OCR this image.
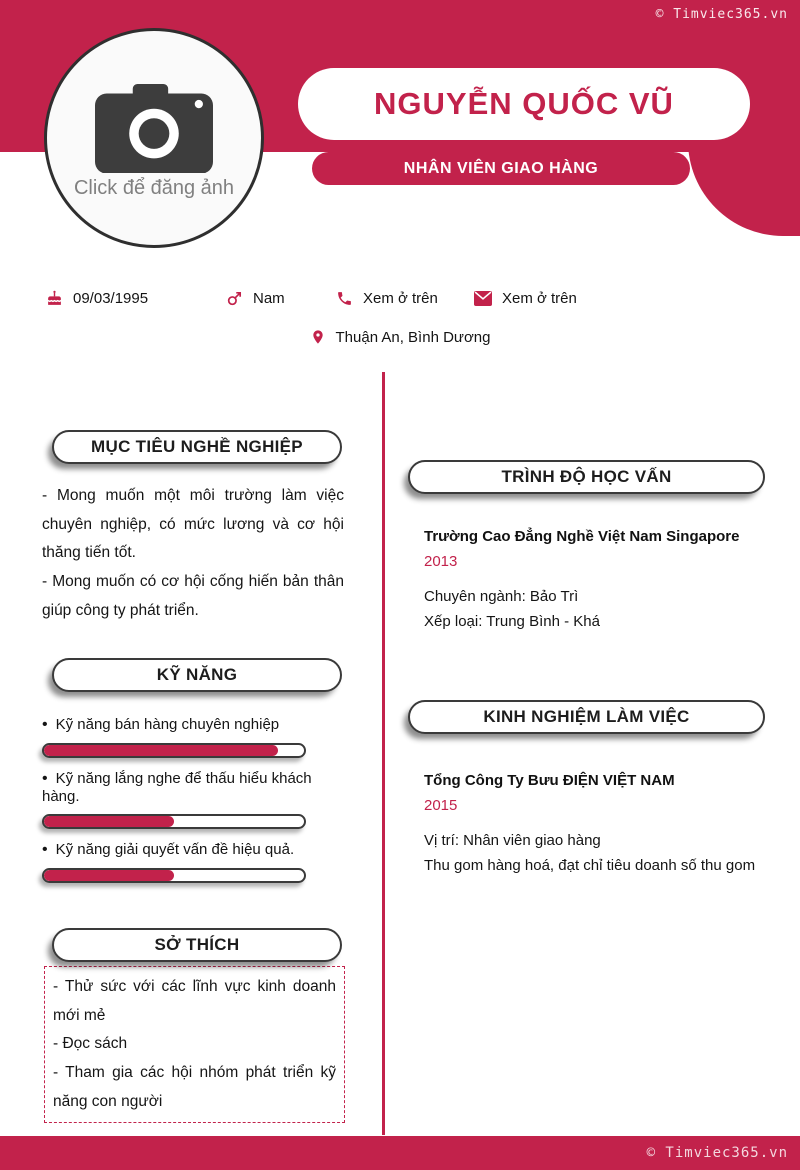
© Timviec365.vn
Click để đăng ảnh
NGUYỄN QUỐC VŨ
NHÂN VIÊN GIAO HÀNG
09/03/1995	Nam	Xem ở trên	Xem ở trên
Thuận An, Bình Dương
MỤC TIÊU NGHỀ NGHIỆP
- Mong muốn một môi trường làm việc chuyên nghiệp, có mức lương và cơ hội thăng tiến tốt.
- Mong muốn có cơ hội cống hiến bản thân giúp công ty phát triển.
KỸ NĂNG
• Kỹ năng bán hàng chuyên nghiệp
• Kỹ năng lắng nghe để thấu hiểu khách hàng.
• Kỹ năng giải quyết vấn đề hiệu quả.
SỞ THÍCH
- Thử sức với các lĩnh vực kinh doanh mới mẻ
- Đọc sách
- Tham gia các hội nhóm phát triển kỹ năng con người
TRÌNH ĐỘ HỌC VẤN
Trường Cao Đẳng Nghề Việt Nam Singapore
2013
Chuyên ngành: Bảo Trì
Xếp loại: Trung Bình - Khá
KINH NGHIỆM LÀM VIỆC
Tổng Công Ty Bưu ĐIỆN VIỆT NAM
2015
Vị trí: Nhân viên giao hàng
Thu gom hàng hoá, đạt chỉ tiêu doanh số thu gom
© Timviec365.vn
